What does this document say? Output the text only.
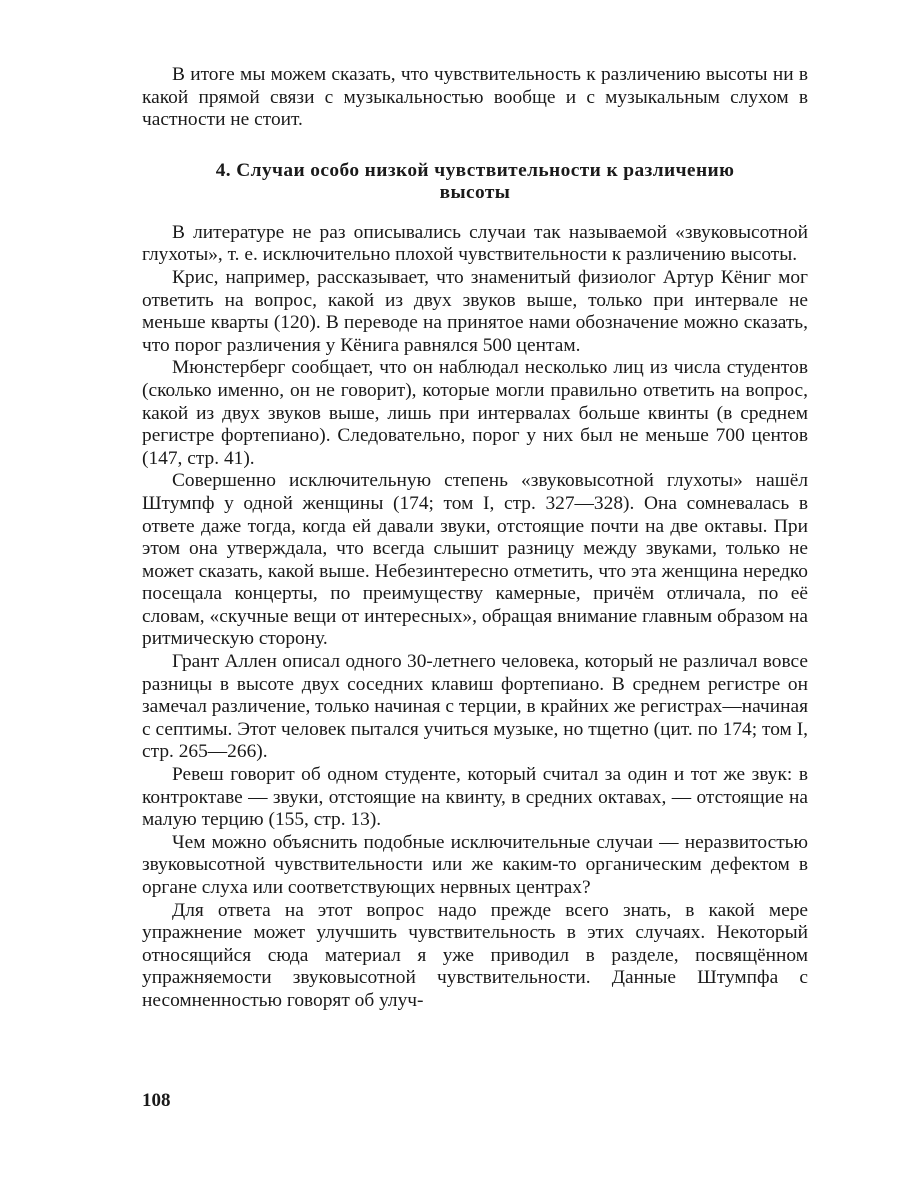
В итоге мы можем сказать, что чувствительность к различению высоты ни в какой прямой связи с музыкальностью вообще и с музыкальным слухом в частности не стоит.

4. Случаи особо низкой чувствительности к различению
высоты

В литературе не раз описывались случаи так называемой «звуковысотной глухоты», т. е. исключительно плохой чувствительности к различению высоты.

Крис, например, рассказывает, что знаменитый физиолог Артур Кёниг мог ответить на вопрос, какой из двух звуков выше, только при интервале не меньше кварты (120). В переводе на принятое нами обозначение можно сказать, что порог различения у Кёнига равнялся 500 центам.

Мюнстерберг сообщает, что он наблюдал несколько лиц из числа студентов (сколько именно, он не говорит), которые могли правильно ответить на вопрос, какой из двух звуков выше, лишь при интервалах больше квинты (в среднем регистре фортепиано). Следовательно, порог у них был не меньше 700 центов (147, стр. 41).

Совершенно исключительную степень «звуковысотной глухоты» нашёл Штумпф у одной женщины (174; том I, стр. 327—328). Она сомневалась в ответе даже тогда, когда ей давали звуки, отстоящие почти на две октавы. При этом она утверждала, что всегда слышит разницу между звуками, только не может сказать, какой выше. Небезинтересно отметить, что эта женщина нередко посещала концерты, по преимуществу камерные, причём отличала, по её словам, «скучные вещи от интересных», обращая внимание главным образом на ритмическую сторону.

Грант Аллен описал одного 30-летнего человека, который не различал вовсе разницы в высоте двух соседних клавиш фортепиано. В среднем регистре он замечал различение, только начиная с терции, в крайних же регистрах—начиная с септимы. Этот человек пытался учиться музыке, но тщетно (цит. по 174; том I, стр. 265—266).

Ревеш говорит об одном студенте, который считал за один и тот же звук: в контроктаве — звуки, отстоящие на квинту, в средних октавах, — отстоящие на малую терцию (155, стр. 13).

Чем можно объяснить подобные исключительные случаи — неразвитостью звуковысотной чувствительности или же каким-то органическим дефектом в органе слуха или соответствующих нервных центрах?

Для ответа на этот вопрос надо прежде всего знать, в какой мере упражнение может улучшить чувствительность в этих случаях. Некоторый относящийся сюда материал я уже приводил в разделе, посвящённом упражняемости звуковысотной чувствительности. Данные Штумпфа с несомненностью говорят об улуч-

108
